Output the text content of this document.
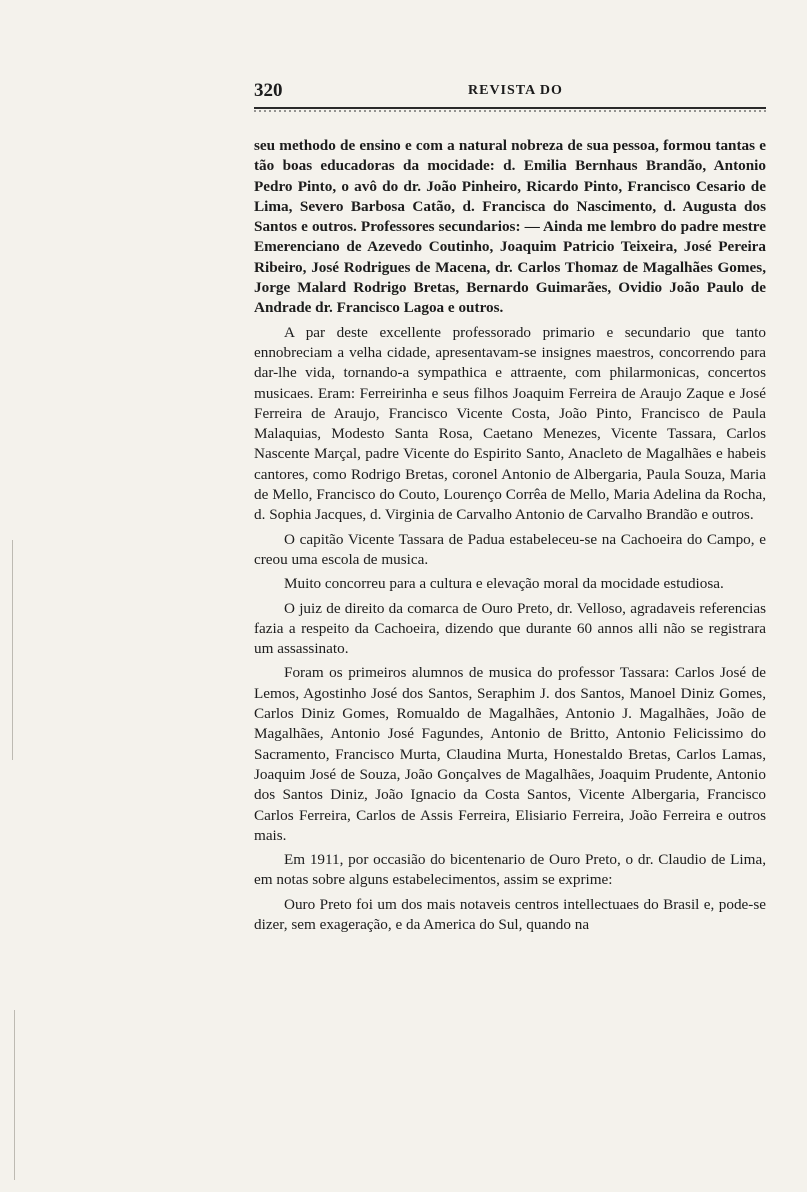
320	REVISTA DO

seu methodo de ensino e com a natural nobreza de sua pessoa, formou tantas e tão boas educadoras da mocidade: d. Emilia Bernhaus Brandão, Antonio Pedro Pinto, o avô do dr. João Pinheiro, Ricardo Pinto, Francisco Cesario de Lima, Severo Barbosa Catão, d. Francisca do Nascimento, d. Augusta dos Santos e outros. Professores secundarios: — Ainda me lembro do padre mestre Emerenciano de Azevedo Coutinho, Joaquim Patricio Teixeira, José Pereira Ribeiro, José Rodrigues de Macena, dr. Carlos Thomaz de Magalhães Gomes, Jorge Malard Rodrigo Bretas, Bernardo Guimarães, Ovidio João Paulo de Andrade dr. Francisco Lagoa e outros.

A par deste excellente professorado primario e secundario que tanto ennobreciam a velha cidade, apresentavam-se insignes maestros, concorrendo para dar-lhe vida, tornando-a sympathica e attraente, com philarmonicas, concertos musicaes. Eram: Ferreirinha e seus filhos Joaquim Ferreira de Araujo Zaque e José Ferreira de Araujo, Francisco Vicente Costa, João Pinto, Francisco de Paula Malaquias, Modesto Santa Rosa, Caetano Menezes, Vicente Tassara, Carlos Nascente Marçal, padre Vicente do Espirito Santo, Anacleto de Magalhães e habeis cantores, como Rodrigo Bretas, coronel Antonio de Albergaria, Paula Souza, Maria de Mello, Francisco do Couto, Lourenço Corrêa de Mello, Maria Adelina da Rocha, d. Sophia Jacques, d. Virginia de Carvalho Antonio de Carvalho Brandão e outros.

O capitão Vicente Tassara de Padua estabeleceu-se na Cachoeira do Campo, e creou uma escola de musica.

Muito concorreu para a cultura e elevação moral da mocidade estudiosa.

O juiz de direito da comarca de Ouro Preto, dr. Velloso, agradaveis referencias fazia a respeito da Cachoeira, dizendo que durante 60 annos alli não se registrara um assassinato.

Foram os primeiros alumnos de musica do professor Tassara: Carlos José de Lemos, Agostinho José dos Santos, Seraphim J. dos Santos, Manoel Diniz Gomes, Carlos Diniz Gomes, Romualdo de Magalhães, Antonio J. Magalhães, João de Magalhães, Antonio José Fagundes, Antonio de Britto, Antonio Felicissimo do Sacramento, Francisco Murta, Claudina Murta, Honestaldo Bretas, Carlos Lamas, Joaquim José de Souza, João Gonçalves de Magalhães, Joaquim Prudente, Antonio dos Santos Diniz, João Ignacio da Costa Santos, Vicente Albergaria, Francisco Carlos Ferreira, Carlos de Assis Ferreira, Elisiario Ferreira, João Ferreira e outros mais.

Em 1911, por occasião do bicentenario de Ouro Preto, o dr. Claudio de Lima, em notas sobre alguns estabelecimentos, assim se exprime:

Ouro Preto foi um dos mais notaveis centros intellectuaes do Brasil e, pode-se dizer, sem exageração, e da America do Sul, quando na
